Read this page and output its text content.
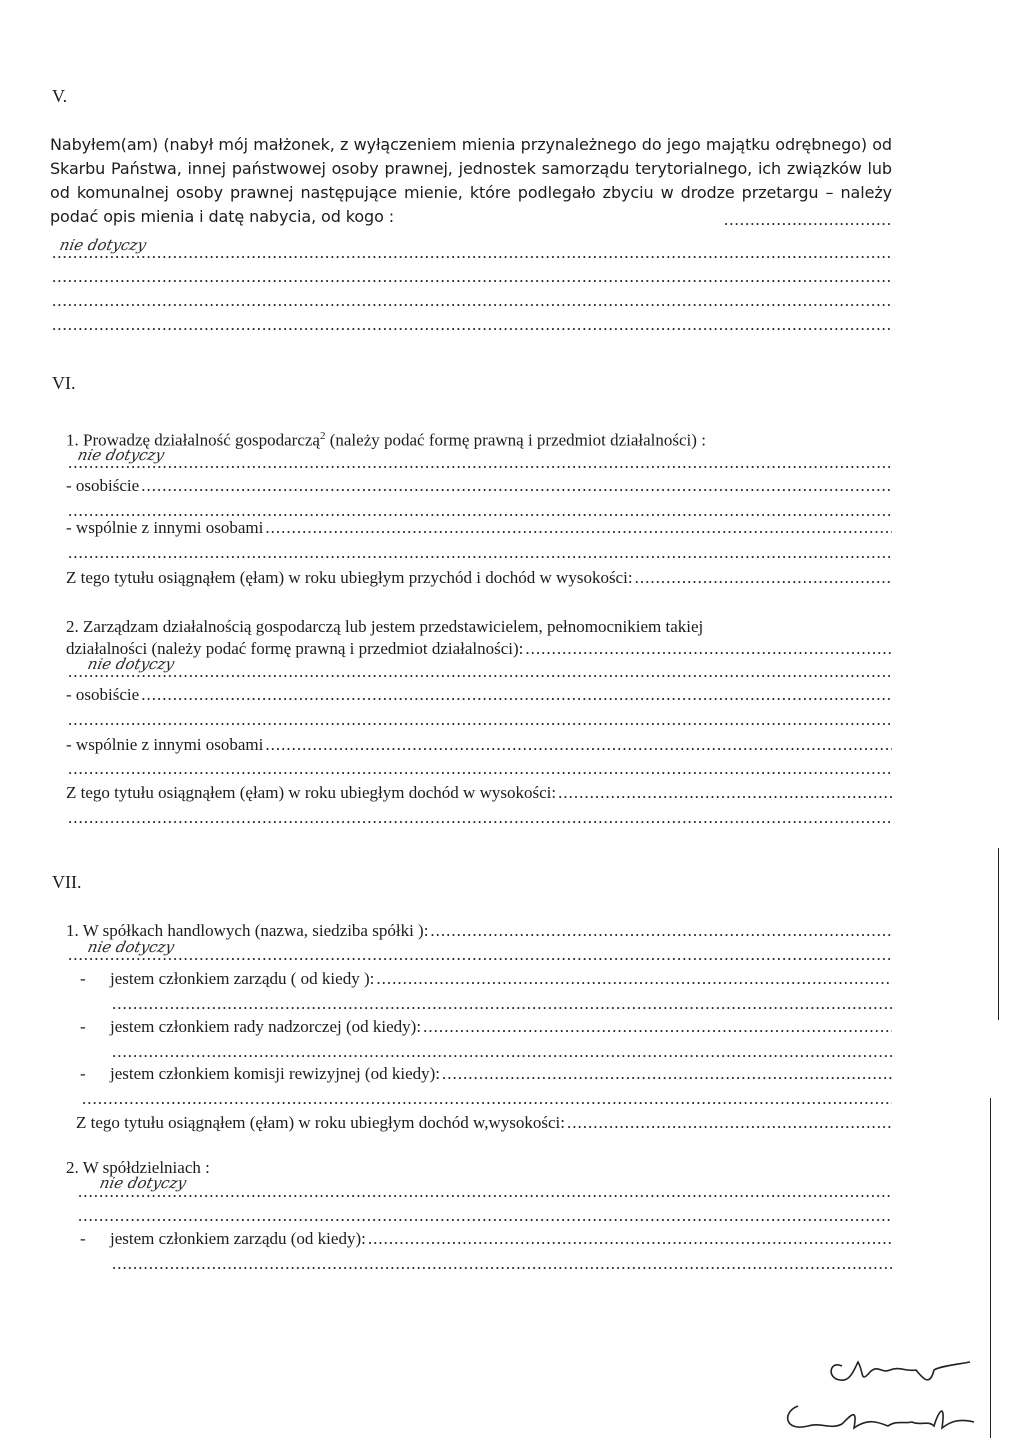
V.
Nabyłem(am) (nabył mój małżonek, z wyłączeniem mienia przynależnego do jego majątku odrębnego) od Skarbu Państwa, innej państwowej osoby prawnej, jednostek samorządu terytorialnego, ich związków lub od komunalnej osoby prawnej następujące mienie, które podlegało zbyciu w drodze przetargu – należy podać opis mienia i datę nabycia, od kogo :
.....
.....
nie dotyczy
.....
.....
.....
VI.
1. Prowadzę działalność gospodarczą$^2$ (należy podać formę prawną i przedmiot działalności) :
.....
nie dotyczy
- osobiście
.....
.....
- wspólnie z innymi osobami
.....
.....
Z tego tytułu osiągnąłem (ęłam) w roku ubiegłym przychód i dochód w wysokości:
.....
2. Zarządzam działalnością gospodarczą lub jestem przedstawicielem, pełnomocnikiem takiej
działalności (należy podać formę prawną i przedmiot działalności):
.....
.....
nie dotyczy
- osobiście
.....
.....
- wspólnie z innymi osobami
.....
.....
Z tego tytułu osiągnąłem (ęłam) w roku ubiegłym dochód w wysokości:
.....
.....
VII.
1. W spółkach handlowych (nazwa, siedziba spółki ):
.....
.....
nie dotyczy
- jestem członkiem zarządu ( od kiedy ):
.....
.....
- jestem członkiem rady nadzorczej (od kiedy):
.....
.....
- jestem członkiem komisji rewizyjnej (od kiedy):
.....
.....
Z tego tytułu osiągnąłem (ęłam) w roku ubiegłym dochód w,wysokości:
.....
2. W spółdzielniach :
.....
nie dotyczy
.....
- jestem członkiem zarządu (od kiedy):
.....
.....
